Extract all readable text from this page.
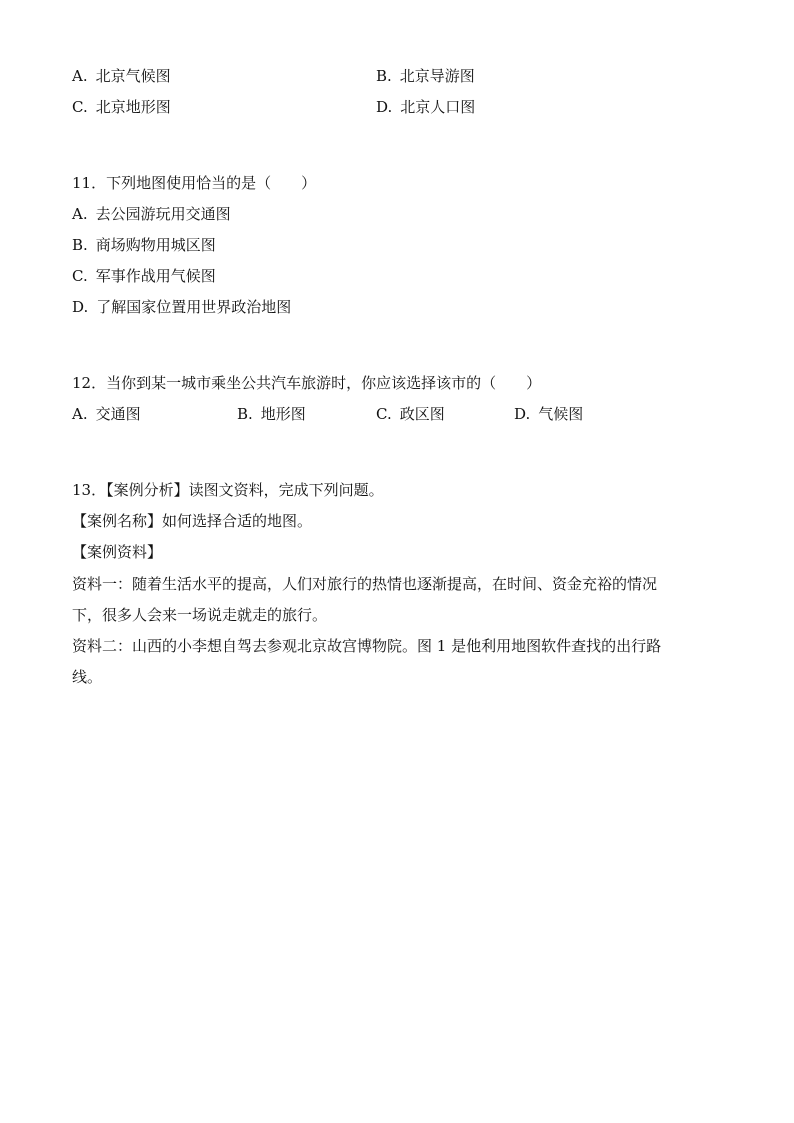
A. 北京气候图	B. 北京导游图
C. 北京地形图	D. 北京人口图
11．下列地图使用恰当的是（　　）
A. 去公园游玩用交通图
B. 商场购物用城区图
C. 军事作战用气候图
D. 了解国家位置用世界政治地图
12．当你到某一城市乘坐公共汽车旅游时，你应该选择该市的（　　）
A. 交通图	B. 地形图	C. 政区图	D. 气候图
13．【案例分析】读图文资料，完成下列问题。
【案例名称】如何选择合适的地图。
【案例资料】
资料一：随着生活水平的提高，人们对旅行的热情也逐渐提高，在时间、资金充裕的情况
下，很多人会来一场说走就走的旅行。
资料二：山西的小李想自驾去参观北京故宫博物院。图 1 是他利用地图软件查找的出行路
线。
